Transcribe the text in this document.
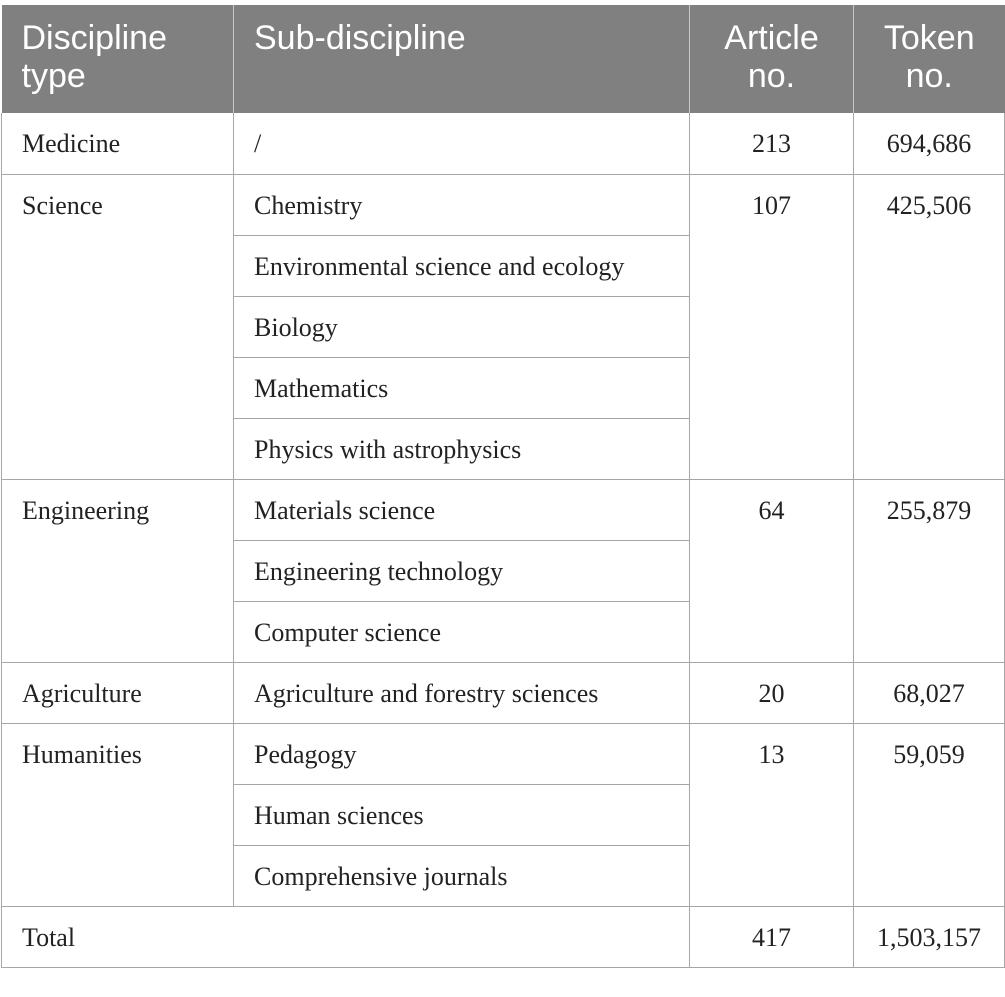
Discipline type	Sub-discipline	Article no.	Token no.
Medicine	/	213	694,686
Science	Chemistry	107	425,506
	Environmental science and ecology		
	Biology		
	Mathematics		
	Physics with astrophysics		
Engineering	Materials science	64	255,879
	Engineering technology		
	Computer science		
Agriculture	Agriculture and forestry sciences	20	68,027
Humanities	Pedagogy	13	59,059
	Human sciences		
	Comprehensive journals		
Total		417	1,503,157
